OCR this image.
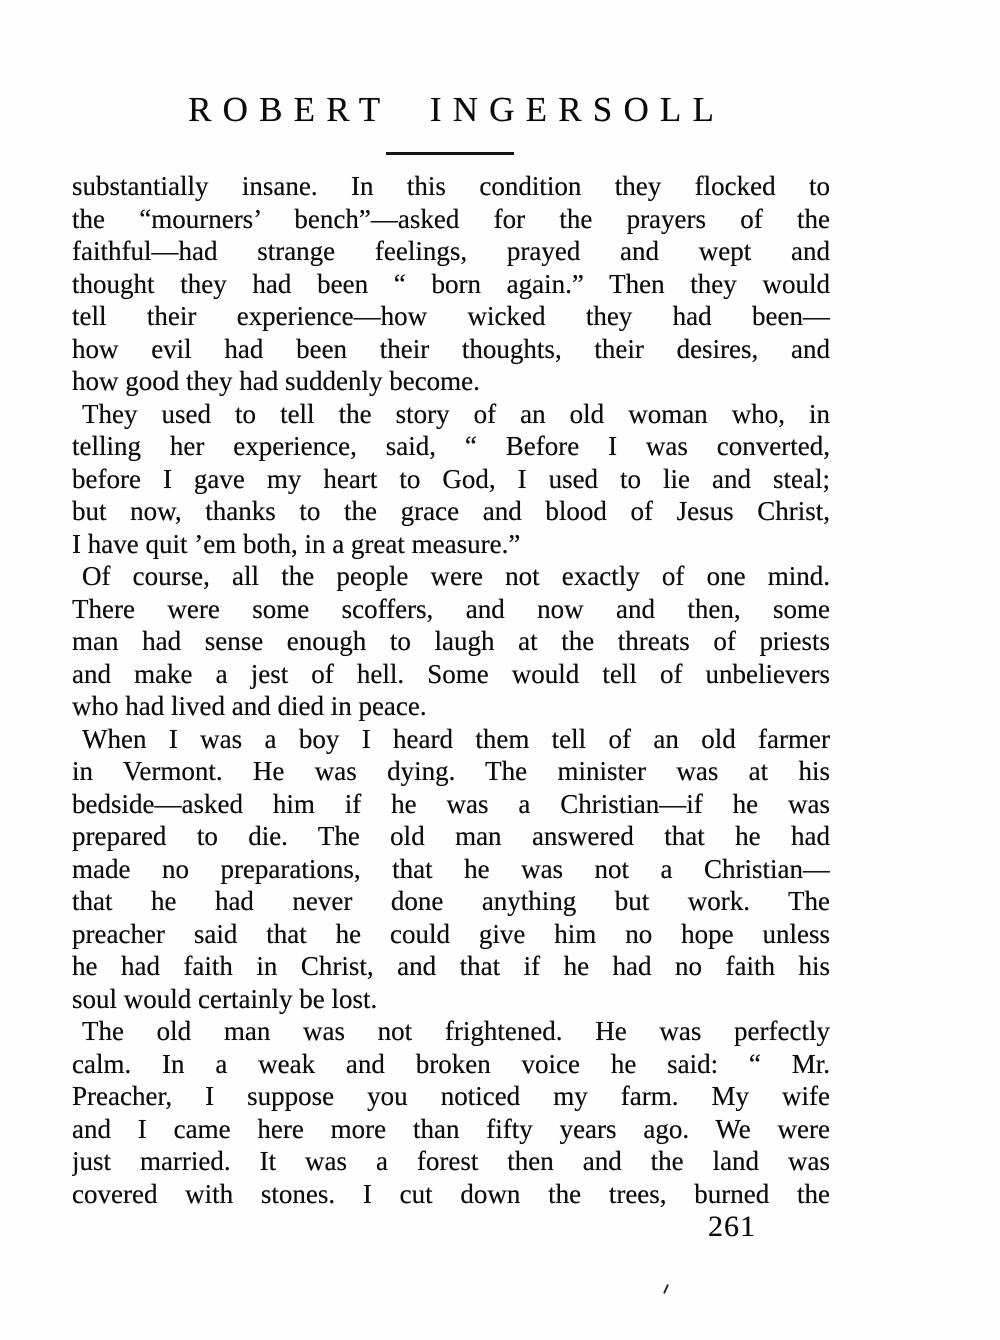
ROBERT INGERSOLL

substantially insane. In this condition they flocked to
the “mourners’ bench”—asked for the prayers of the
faithful—had strange feelings, prayed and wept and
thought they had been “ born again.” Then they would
tell their experience—how wicked they had been—
how evil had been their thoughts, their desires, and
how good they had suddenly become.

They used to tell the story of an old woman who, in
telling her experience, said, “ Before I was converted,
before I gave my heart to God, I used to lie and steal;
but now, thanks to the grace and blood of Jesus Christ,
I have quit ’em both, in a great measure.”

Of course, all the people were not exactly of one mind.
There were some scoffers, and now and then, some
man had sense enough to laugh at the threats of priests
and make a jest of hell. Some would tell of unbelievers
who had lived and died in peace.

When I was a boy I heard them tell of an old farmer
in Vermont. He was dying. The minister was at his
bedside—asked him if he was a Christian—if he was
prepared to die. The old man answered that he had
made no preparations, that he was not a Christian—
that he had never done anything but work. The
preacher said that he could give him no hope unless
he had faith in Christ, and that if he had no faith his
soul would certainly be lost.

The old man was not frightened. He was perfectly
calm. In a weak and broken voice he said: “ Mr.
Preacher, I suppose you noticed my farm. My wife
and I came here more than fifty years ago. We were
just married. It was a forest then and the land was
covered with stones. I cut down the trees, burned the

261
